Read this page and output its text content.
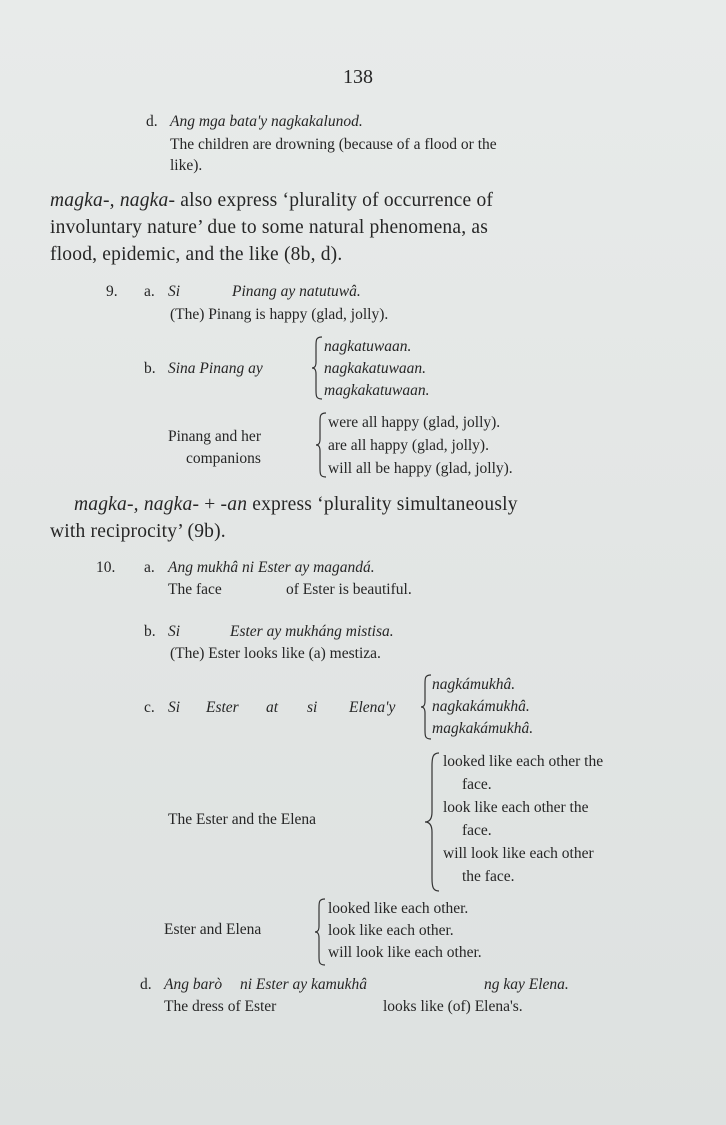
138
d. Ang mga bata'y nagkakalunod.
The children are drowning (because of a flood or the
like).
magka-, nagka- also express ‘plurality of occurrence of
involuntary nature’ due to some natural phenomena, as
flood, epidemic, and the like (8b, d).
9. a. Si	Pinang ay natutuwâ.
(The) Pinang is happy (glad, jolly).
b. Sina Pinang ay
nagkatuwaan.
nagkakatuwaan.
magkakatuwaan.
Pinang and her
companions
were all happy (glad, jolly).
are all happy (glad, jolly).
will all be happy (glad, jolly).
magka-, nagka- + -an express ‘plurality simultaneously
with reciprocity’ (9b).
10. a. Ang mukhâ ni Ester ay magandá.
The face	of Ester is beautiful.
b. Si	Ester ay mukháng mistisa.
(The) Ester looks like (a) mestiza.
c. Si Ester at si Elena'y
nagkámukhâ.
nagkakámukhâ.
magkakámukhâ.
The Ester and the Elena
looked like each other the
face.
look like each other the
face.
will look like each other
the face.
Ester and Elena
looked like each other.
look like each other.
will look like each other.
d. Ang barò ni Ester ay kamukhâ	ng kay Elena.
The dress of Ester	looks like (of) Elena's.
